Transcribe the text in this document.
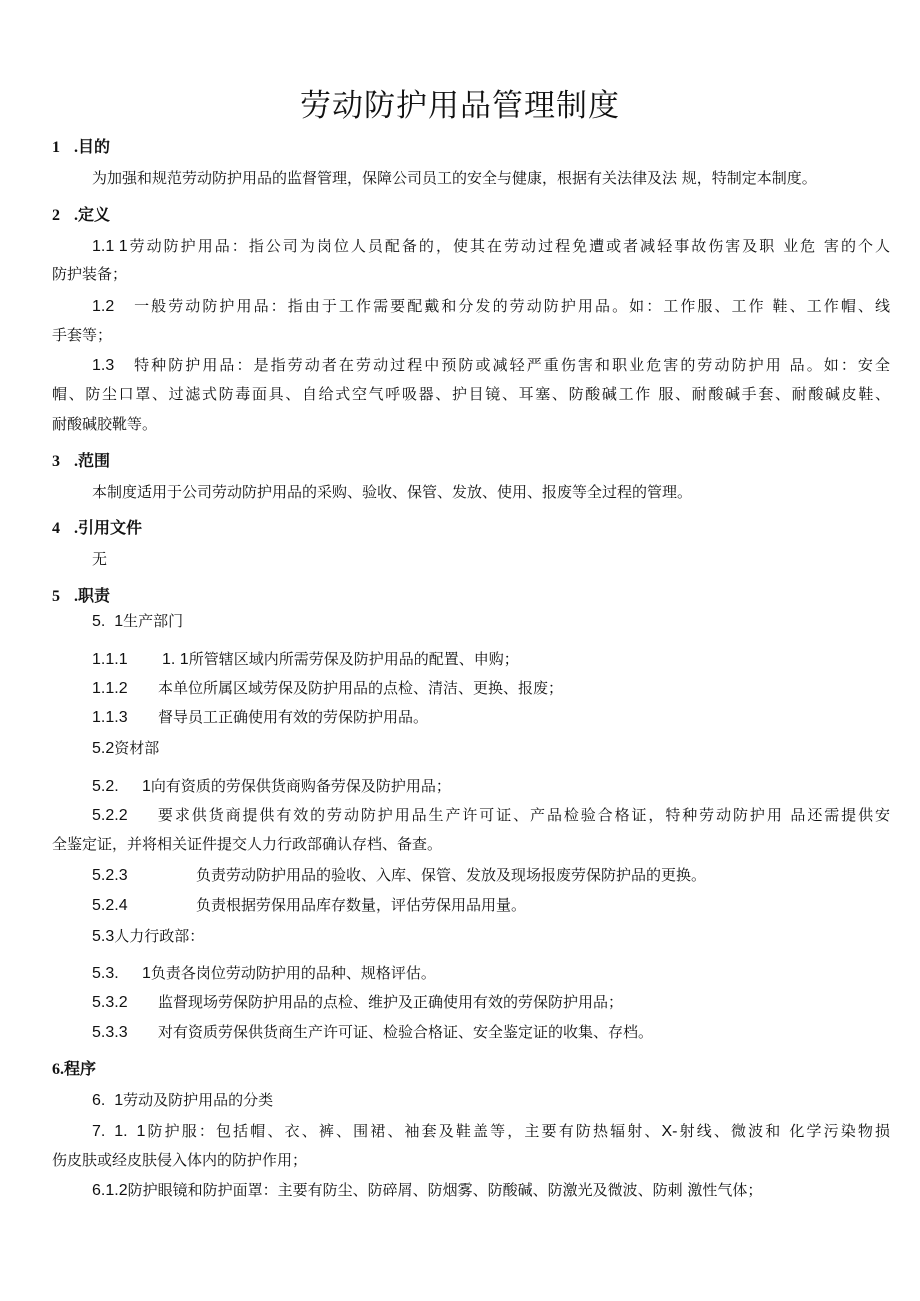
劳动防护用品管理制度
1 .目的
为加强和规范劳动防护用品的监督管理，保障公司员工的安全与健康，根据有关法律及法 规，特制定本制度。
2 .定义
1.1 1劳动防护用品：指公司为岗位人员配备的，使其在劳动过程免遭或者减轻事故伤害及职 业危 害的个人
防护装备；
1.2 一般劳动防护用品：指由于工作需要配戴和分发的劳动防护用品。如：工作服、工作 鞋、工作帽、线
手套等；
1.3 特种防护用品：是指劳动者在劳动过程中预防或减轻严重伤害和职业危害的劳动防护用 品。如：安全
帽、防尘口罩、过滤式防毒面具、自给式空气呼吸器、护目镜、耳塞、防酸碱工作 服、耐酸碱手套、耐酸碱皮鞋、
耐酸碱胶靴等。
3 .范围
本制度适用于公司劳动防护用品的采购、验收、保管、发放、使用、报废等全过程的管理。
4 .引用文件
无
5 .职责
5.  1生产部门
1.1.1 1. 1所管辖区域内所需劳保及防护用品的配置、申购；
1.1.2 本单位所属区域劳保及防护用品的点检、清洁、更换、报废；
1.1.3 督导员工正确使用有效的劳保防护用品。
5.2资材部
5.2. 1向有资质的劳保供货商购备劳保及防护用品；
5.2.2 要求供货商提供有效的劳动防护用品生产许可证、产品检验合格证，特种劳动防护用 品还需提供安
全鉴定证，并将相关证件提交人力行政部确认存档、备查。
5.2.3	负责劳动防护用品的验收、入库、保管、发放及现场报废劳保防护品的更换。
5.2.4	负责根据劳保用品库存数量，评估劳保用品用量。
5.3人力行政部：
5.3. 1负责各岗位劳动防护用的品种、规格评估。
5.3.2 监督现场劳保防护用品的点检、维护及正确使用有效的劳保防护用品；
5.3.3 对有资质劳保供货商生产许可证、检验合格证、安全鉴定证的收集、存档。
6.程序
6.  1劳动及防护用品的分类
7.  1.  1防护服：包括帽、衣、裤、围裙、袖套及鞋盖等，主要有防热辐射、X-射线、微波和 化学污染物损
伤皮肤或经皮肤侵入体内的防护作用；
6.1.2防护眼镜和防护面罩：主要有防尘、防碎屑、防烟雾、防酸碱、防激光及微波、防刺 激性气体；
